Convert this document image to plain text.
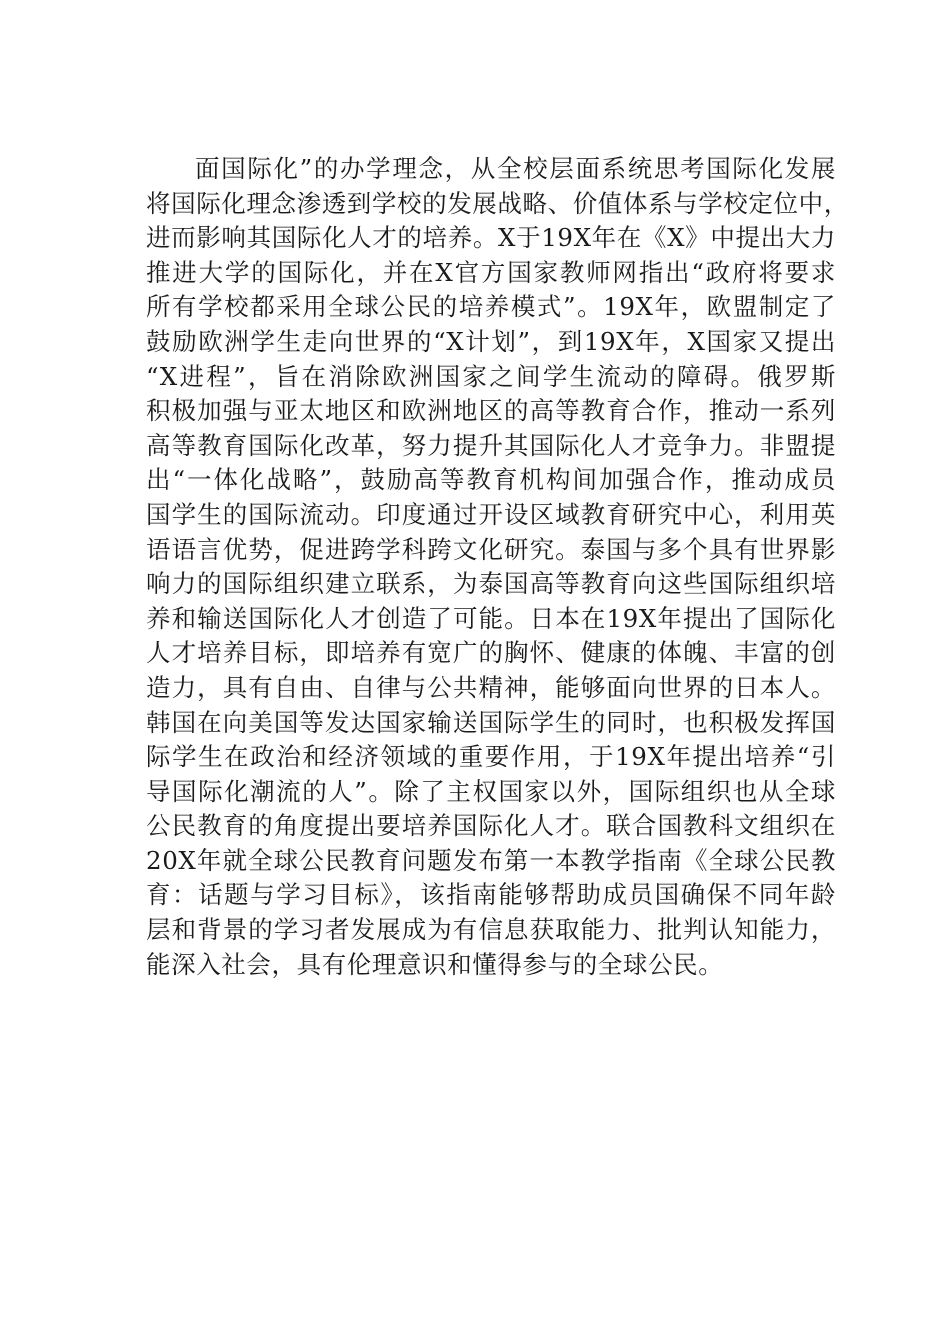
面国际化”的办学理念，从全校层面系统思考国际化发展
将国际化理念渗透到学校的发展战略、价值体系与学校定位中，
进而影响其国际化人才的培养。X于19X年在《X》中提出大力
推进大学的国际化，并在X官方国家教师网指出“政府将要求
所有学校都采用全球公民的培养模式”。19X年，欧盟制定了
鼓励欧洲学生走向世界的“X计划”，到19X年，X国家又提出
“X进程”，旨在消除欧洲国家之间学生流动的障碍。俄罗斯
积极加强与亚太地区和欧洲地区的高等教育合作，推动一系列
高等教育国际化改革，努力提升其国际化人才竞争力。非盟提
出“一体化战略”，鼓励高等教育机构间加强合作，推动成员
国学生的国际流动。印度通过开设区域教育研究中心，利用英
语语言优势，促进跨学科跨文化研究。泰国与多个具有世界影
响力的国际组织建立联系，为泰国高等教育向这些国际组织培
养和输送国际化人才创造了可能。日本在19X年提出了国际化
人才培养目标，即培养有宽广的胸怀、健康的体魄、丰富的创
造力，具有自由、自律与公共精神，能够面向世界的日本人。
韩国在向美国等发达国家输送国际学生的同时，也积极发挥国
际学生在政治和经济领域的重要作用，于19X年提出培养“引
导国际化潮流的人”。除了主权国家以外，国际组织也从全球
公民教育的角度提出要培养国际化人才。联合国教科文组织在
20X年就全球公民教育问题发布第一本教学指南《全球公民教
育：话题与学习目标》，该指南能够帮助成员国确保不同年龄
层和背景的学习者发展成为有信息获取能力、批判认知能力，
能深入社会，具有伦理意识和懂得参与的全球公民。
